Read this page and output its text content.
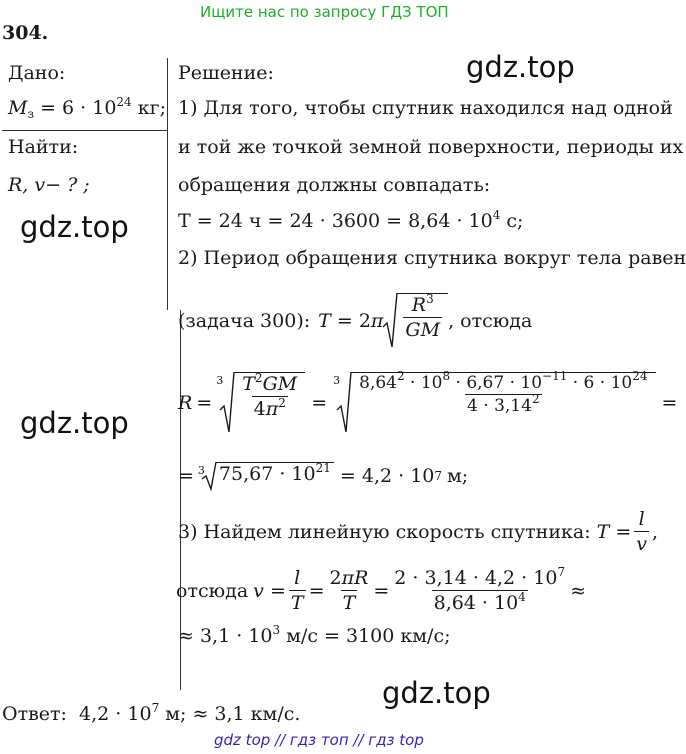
Ищите нас по запросу ГДЗ ТОП
304.
Дано:
$M_з = 6 \cdot 10^{24}$ кг;
Найти:
R, v− ? ;
Решение:
1) Для того, чтобы спутник находился над одной
и той же точкой земной поверхности, периоды их
обращения должны совпадать:
T = 24 $ч = 24 \cdot 3600 = 8,64 \cdot 10^4$ с;
2) Период обращения спутника вокруг тела равен
(задача 300): $T = 2\pi \frac{R^3}{GM}$ , отсюда
R =
$3 \frac{T^2GM}{4\pi^2}$ =
$3 \frac{8,64^2 \cdot 10^8 \cdot 6,67 \cdot 10^{-11} \cdot 6 \cdot 10^{24}}{4 \cdot 3,14^2}$ =
= 3 $75,67 \cdot 10^{21} = 4,2 \cdot 10$ 7 м;
3) Найдем линейную скорость спутника: $T = \frac{l}{v}$ ,
отсюда $v = \frac{l}{T} = \frac{2\pi R}{T} = \frac{2 \cdot 3,14 \cdot 4,2 \cdot 10^7}{8,64 \cdot 10^4}$ ≈
≈ $3,1 \cdot 10^3$ м/с = 3100 км/с;
Ответ: $4,2 \cdot 10^7$ м; ≈ 3,1 км/с.
gdz.top
gdz.top
gdz.top
gdz.top
gdz top // гдз топ // гдз top
